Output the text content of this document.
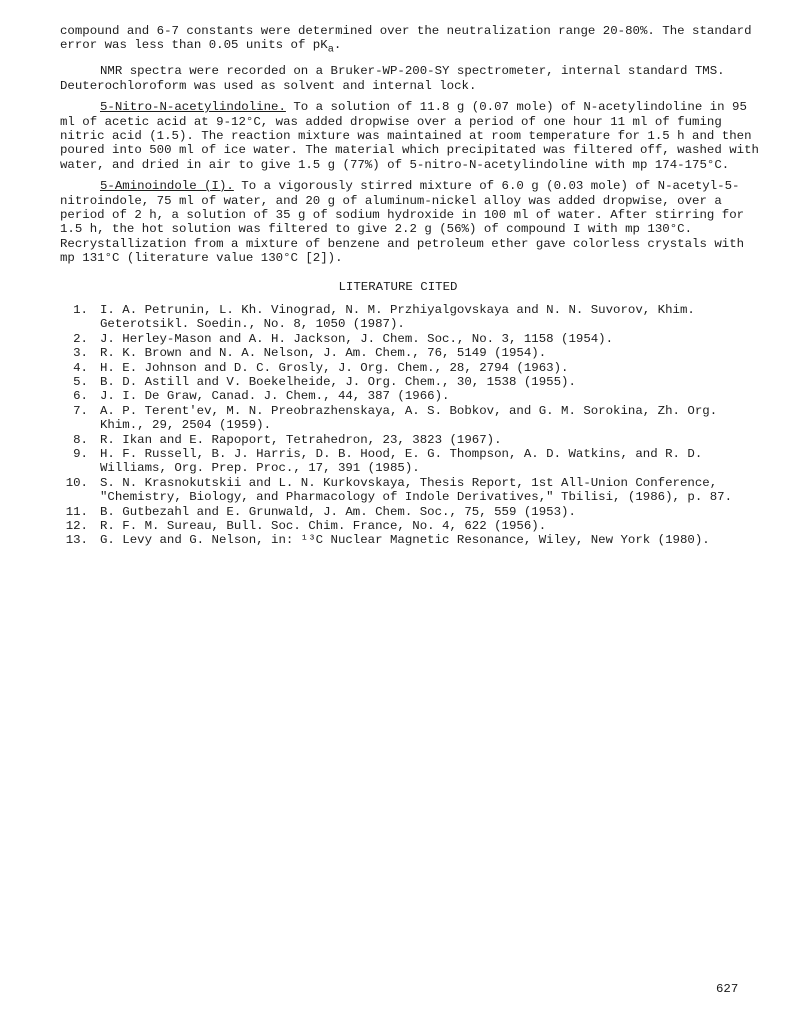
compound and 6-7 constants were determined over the neutralization range 20-80%. The standard error was less than 0.05 units of $pK_a$.

NMR spectra were recorded on a Bruker-WP-200-SY spectrometer, internal standard TMS. Deuterochloroform was used as solvent and internal lock.

5-Nitro-N-acetylindoline. To a solution of 11.8 g (0.07 mole) of N-acetylindoline in 95 ml of acetic acid at 9-12°C, was added dropwise over a period of one hour 11 ml of fuming nitric acid (1.5). The reaction mixture was maintained at room temperature for 1.5 h and then poured into 500 ml of ice water. The material which precipitated was filtered off, washed with water, and dried in air to give 1.5 g (77%) of 5-nitro-N-acetylindoline with mp 174-175°C.

5-Aminoindole (I). To a vigorously stirred mixture of 6.0 g (0.03 mole) of N-acetyl-5-nitroindole, 75 ml of water, and 20 g of aluminum-nickel alloy was added dropwise, over a period of 2 h, a solution of 35 g of sodium hydroxide in 100 ml of water. After stirring for 1.5 h, the hot solution was filtered to give 2.2 g (56%) of compound I with mp 130°C. Recrystallization from a mixture of benzene and petroleum ether gave colorless crystals with mp 131°C (literature value 130°C [2]).

LITERATURE CITED

1. I. A. Petrunin, L. Kh. Vinograd, N. M. Przhiyalgovskaya and N. N. Suvorov, Khim. Geterotsikl. Soedin., No. 8, 1050 (1987).
2. J. Herley-Mason and A. H. Jackson, J. Chem. Soc., No. 3, 1158 (1954).
3. R. K. Brown and N. A. Nelson, J. Am. Chem., 76, 5149 (1954).
4. H. E. Johnson and D. C. Grosly, J. Org. Chem., 28, 2794 (1963).
5. B. D. Astill and V. Boekelheide, J. Org. Chem., 30, 1538 (1955).
6. J. I. De Graw, Canad. J. Chem., 44, 387 (1966).
7. A. P. Terent'ev, M. N. Preobrazhenskaya, A. S. Bobkov, and G. M. Sorokina, Zh. Org. Khim., 29, 2504 (1959).
8. R. Ikan and E. Rapoport, Tetrahedron, 23, 3823 (1967).
9. H. F. Russell, B. J. Harris, D. B. Hood, E. G. Thompson, A. D. Watkins, and R. D. Williams, Org. Prep. Proc., 17, 391 (1985).
10. S. N. Krasnokutskii and L. N. Kurkovskaya, Thesis Report, 1st All-Union Conference, "Chemistry, Biology, and Pharmacology of Indole Derivatives," Tbilisi, (1986), p. 87.
11. B. Gutbezahl and E. Grunwald, J. Am. Chem. Soc., 75, 559 (1953).
12. R. F. M. Sureau, Bull. Soc. Chim. France, No. 4, 622 (1956).
13. G. Levy and G. Nelson, in: ¹³C Nuclear Magnetic Resonance, Wiley, New York (1980).
627
